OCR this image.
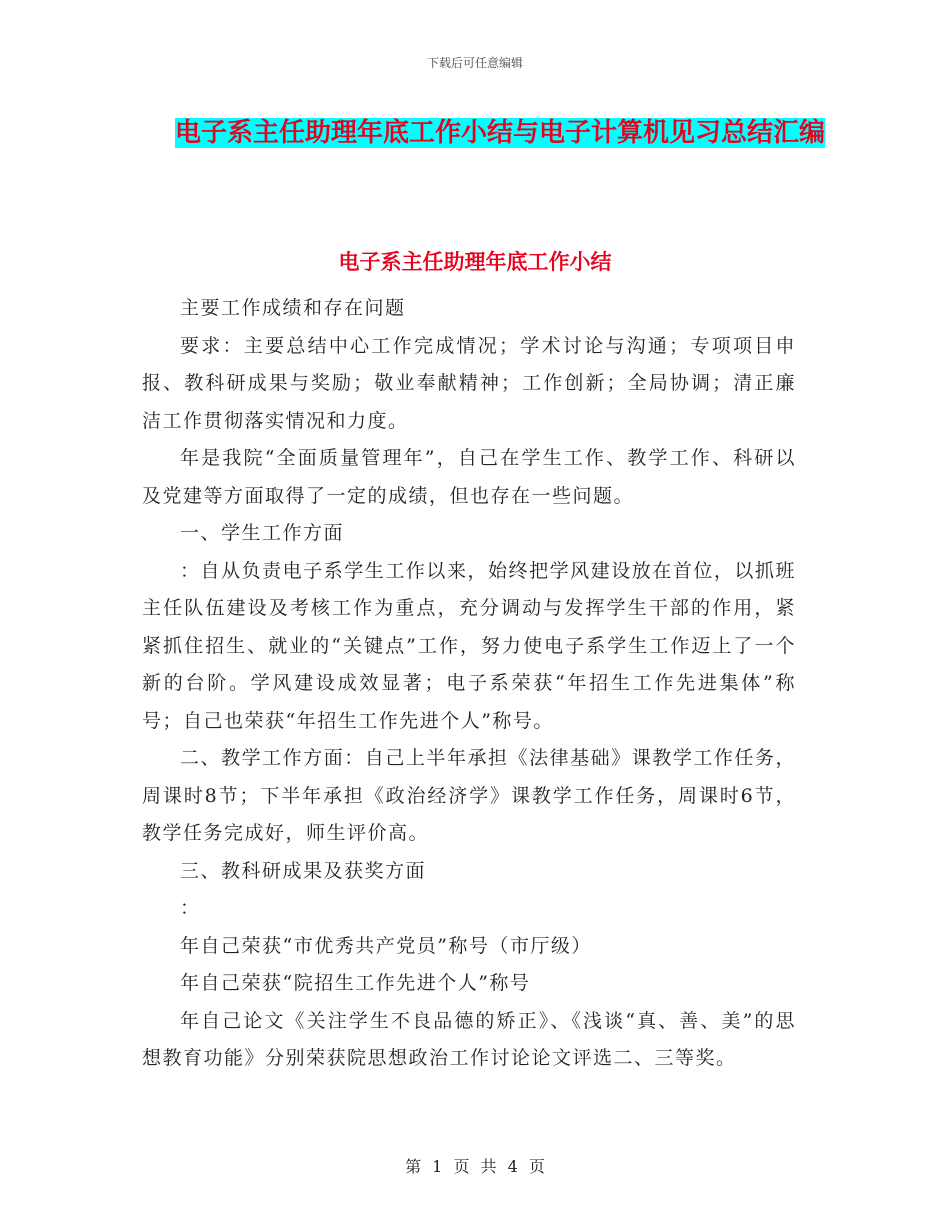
下载后可任意编辑
电子系主任助理年底工作小结与电子计算机见习总结汇编
电子系主任助理年底工作小结

主要工作成绩和存在问题

要求：主要总结中心工作完成情况；学术讨论与沟通；专项项目申报、教科研成果与奖励；敬业奉献精神；工作创新；全局协调；清正廉洁工作贯彻落实情况和力度。

年是我院“全面质量管理年”，自己在学生工作、教学工作、科研以及党建等方面取得了一定的成绩，但也存在一些问题。

一、学生工作方面

：自从负责电子系学生工作以来，始终把学风建设放在首位，以抓班主任队伍建设及考核工作为重点，充分调动与发挥学生干部的作用，紧紧抓住招生、就业的“关键点”工作，努力使电子系学生工作迈上了一个新的台阶。学风建设成效显著；电子系荣获“年招生工作先进集体”称号；自己也荣获“年招生工作先进个人”称号。

二、教学工作方面：自己上半年承担《法律基础》课教学工作任务，周课时8节；下半年承担《政治经济学》课教学工作任务，周课时6节，教学任务完成好，师生评价高。

三、教科研成果及获奖方面

：

年自己荣获“市优秀共产党员”称号（市厅级）

年自己荣获“院招生工作先进个人”称号

年自己论文《关注学生不良品德的矫正》、《浅谈“真、善、美”的思想教育功能》分别荣获院思想政治工作讨论论文评选二、三等奖。

第 1 页 共 4 页
